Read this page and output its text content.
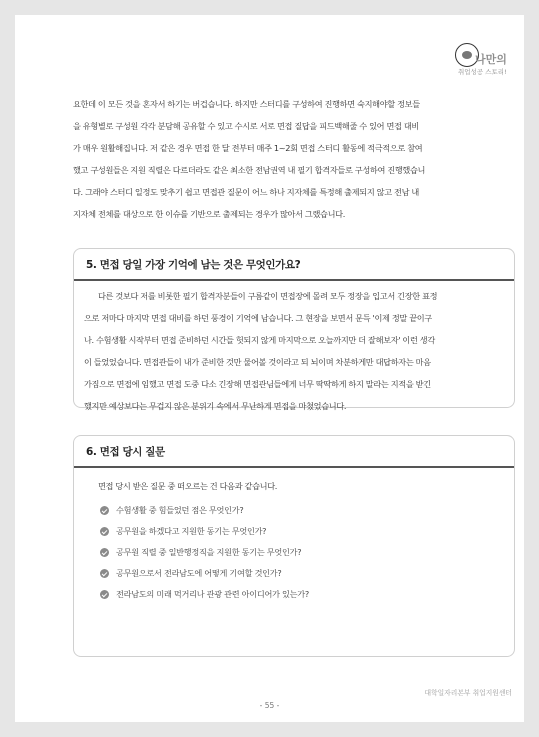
나만의
취업성공 스토리!
요한데 이 모든 것을 혼자서 하기는 버겁습니다. 하지만 스터디를 구성하여 진행하면 숙지해야할 정보들
을 유형별로 구성원 각각 분담해 공유할 수 있고 수시로 서로 면접 질답을 피드백해줄 수 있어 면접 대비
가 매우 원활해집니다. 저 같은 경우 면접 한 달 전부터 매주 1~2회 면접 스터디 활동에 적극적으로 참여
했고 구성원들은 지원 직렬은 다르더라도 같은 최소한 전남권역 내 필기 합격자들로 구성하여 진행했습니
다. 그래야 스터디 일정도 맞추기 쉽고 면접관 질문이 어느 하나 지자체를 특정해 출제되지 않고 전남 내
지자체 전체를 대상으로 한 이슈를 기반으로 출제되는 경우가 많아서 그랬습니다.
5. 면접 당일 가장 기억에 남는 것은 무엇인가요?
다른 것보다 저를 비롯한 필기 합격자분들이 구름같이 면접장에 몰려 모두 정장을 입고서 긴장한 표정
으로 저마다 마지막 면접 대비를 하던 풍경이 기억에 남습니다. 그 현장을 보면서 문득 '이제 정말 끝이구
나. 수험생활 시작부터 면접 준비하던 시간들 헛되지 않게 마지막으로 오늘까지만 더 잘해보자' 이런 생각
이 들었었습니다. 면접관들이 내가 준비한 것만 물어볼 것이라고 되 뇌이며 차분하게만 대답하자는 마음
가짐으로 면접에 임했고 면접 도중 다소 긴장해 면접관님들에게 너무 딱딱하게 하지 말라는 지적을 받긴
했지만 예상보다는 무겁지 않은 분위기 속에서 무난하게 면접을 마쳤었습니다.
6. 면접 당시 질문
면접 당시 받은 질문 중 떠오르는 건 다음과 같습니다.
수험생활 중 힘들었던 점은 무엇인가?
공무원을 하겠다고 지원한 동기는 무엇인가?
공무원 직렬 중 일반행정직을 지원한 동기는 무엇인가?
공무원으로서 전라남도에 어떻게 기여할 것인가?
전라남도의 미래 먹거리나 관광 관련 아이디어가 있는가?
대학일자리본부 취업지원센터
- 55 -
